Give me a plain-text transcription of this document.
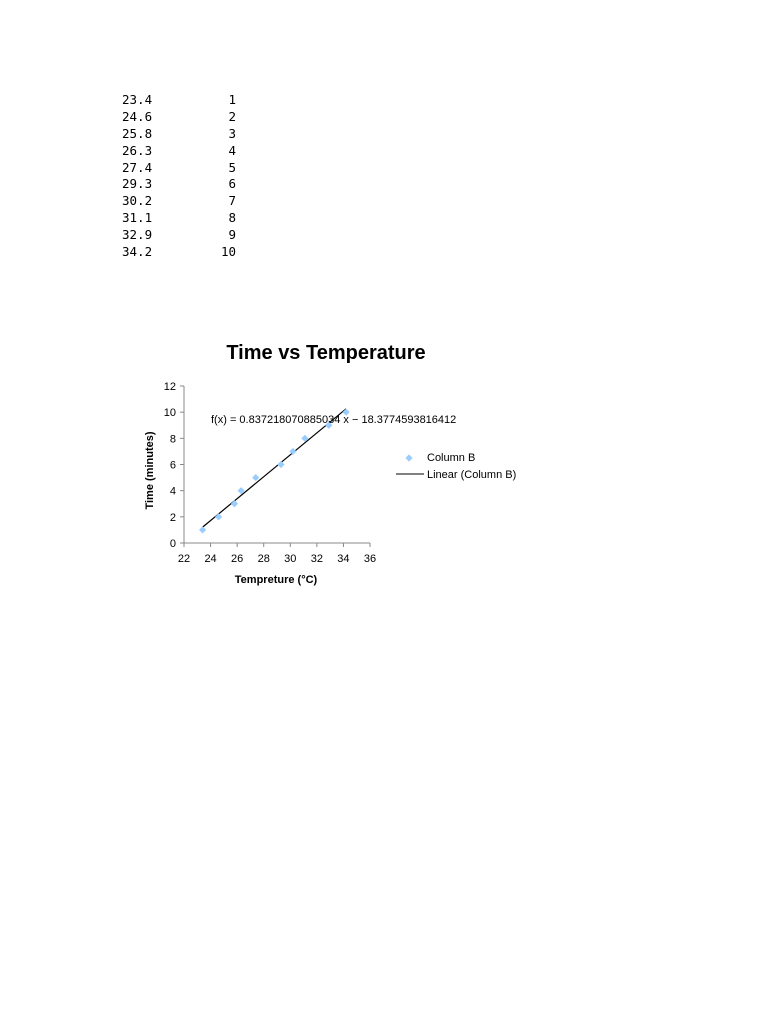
23.4	1
24.6	2
25.8	3
26.3	4
27.4	5
29.3	6
30.2	7
31.1	8
32.9	9
34.2	10
Time vs Temperature
22 24 26 28 30 32 34 36
0
2
4
6
8
10
12
f(x) = 0.837218070885034 x − 18.3774593816412
Tempreture (°C)
Time (minutes)	Column B
Linear (Column B)
